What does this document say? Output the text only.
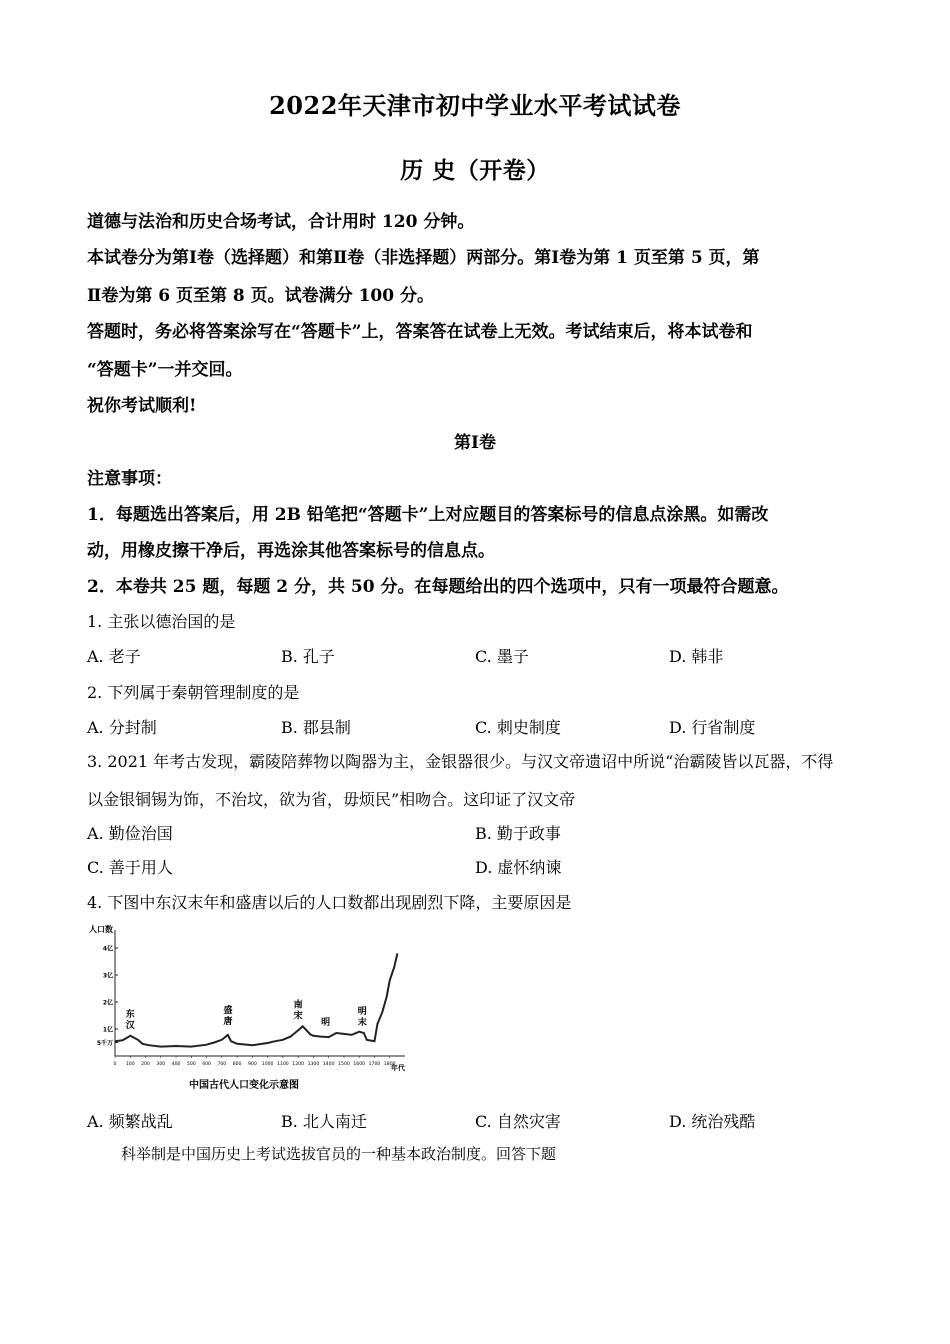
2022年天津市初中学业水平考试试卷
历 史（开卷）
道德与法治和历史合场考试，合计用时 120 分钟。
本试卷分为第Ⅰ卷（选择题）和第Ⅱ卷（非选择题）两部分。第Ⅰ卷为第 1 页至第 5 页，第
Ⅱ卷为第 6 页至第 8 页。试卷满分 100 分。
答题时，务必将答案涂写在“答题卡”上，答案答在试卷上无效。考试结束后，将本试卷和
“答题卡”一并交回。
祝你考试顺利!
第Ⅰ卷
注意事项：
1．每题选出答案后，用 2B 铅笔把“答题卡”上对应题目的答案标号的信息点涂黑。如需改
动，用橡皮擦干净后，再选涂其他答案标号的信息点。
2．本卷共 25 题，每题 2 分，共 50 分。在每题给出的四个选项中，只有一项最符合题意。
1. 主张以德治国的是
A. 老子	B. 孔子	C. 墨子	D. 韩非
2. 下列属于秦朝管理制度的是
A. 分封制	B. 郡县制	C. 刺史制度	D. 行省制度
3. 2021 年考古发现，霸陵陪葬物以陶器为主，金银器很少。与汉文帝遗诏中所说“治霸陵皆以瓦器，不得
以金银铜锡为饰，不治坟，欲为省，毋烦民”相吻合。这印证了汉文帝
A. 勤俭治国	B. 勤于政事
C. 善于用人	D. 虚怀纳谏
4. 下图中东汉末年和盛唐以后的人口数都出现剧烈下降，主要原因是
5千万
1亿
2亿
3亿
4亿
0 100 200 300 400 500 600 700 800 900 1000 1100 1200 1300 1400 1500 1600 1700 1800
东
汉
盛
唐
南
宋
明
明
末
人口数
年代
中国古代人口变化示意图
A. 频繁战乱	B. 北人南迁	C. 自然灾害	D. 统治残酷
科举制是中国历史上考试选拔官员的一种基本政治制度。回答下题
